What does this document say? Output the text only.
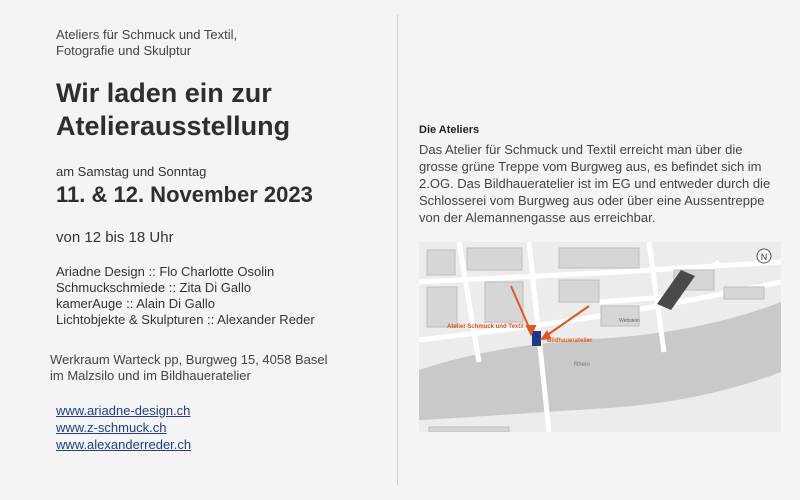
Ateliers für Schmuck und Textil,
Fotografie und Skulptur
Wir laden ein zur
Atelierausstellung
am Samstag und Sonntag
11. & 12. November 2023
von 12 bis 18 Uhr
Ariadne Design :: Flo Charlotte Osolin
Schmuckschmiede :: Zita Di Gallo
kamerAuge :: Alain Di Gallo
Lichtobjekte & Skulpturen :: Alexander Reder
Werkraum Warteck pp, Burgweg 15, 4058 Basel
im Malzsilo und im Bildhaueratelier
www.ariadne-design.ch
www.z-schmuck.ch
www.alexanderreder.ch
Die Ateliers
Das Atelier für Schmuck und Textil erreicht man über die grosse grüne Treppe vom Burgweg aus, es befindet sich im 2.OG. Das Bildhaueratelier ist im EG und entweder durch die Schlosserei vom Burgweg aus oder über eine Aussentreppe von der Alemannengasse aus erreichbar.
N
Atelier Schmuck und Textil
Bildhaueratelier
Rhein
Wettstein
